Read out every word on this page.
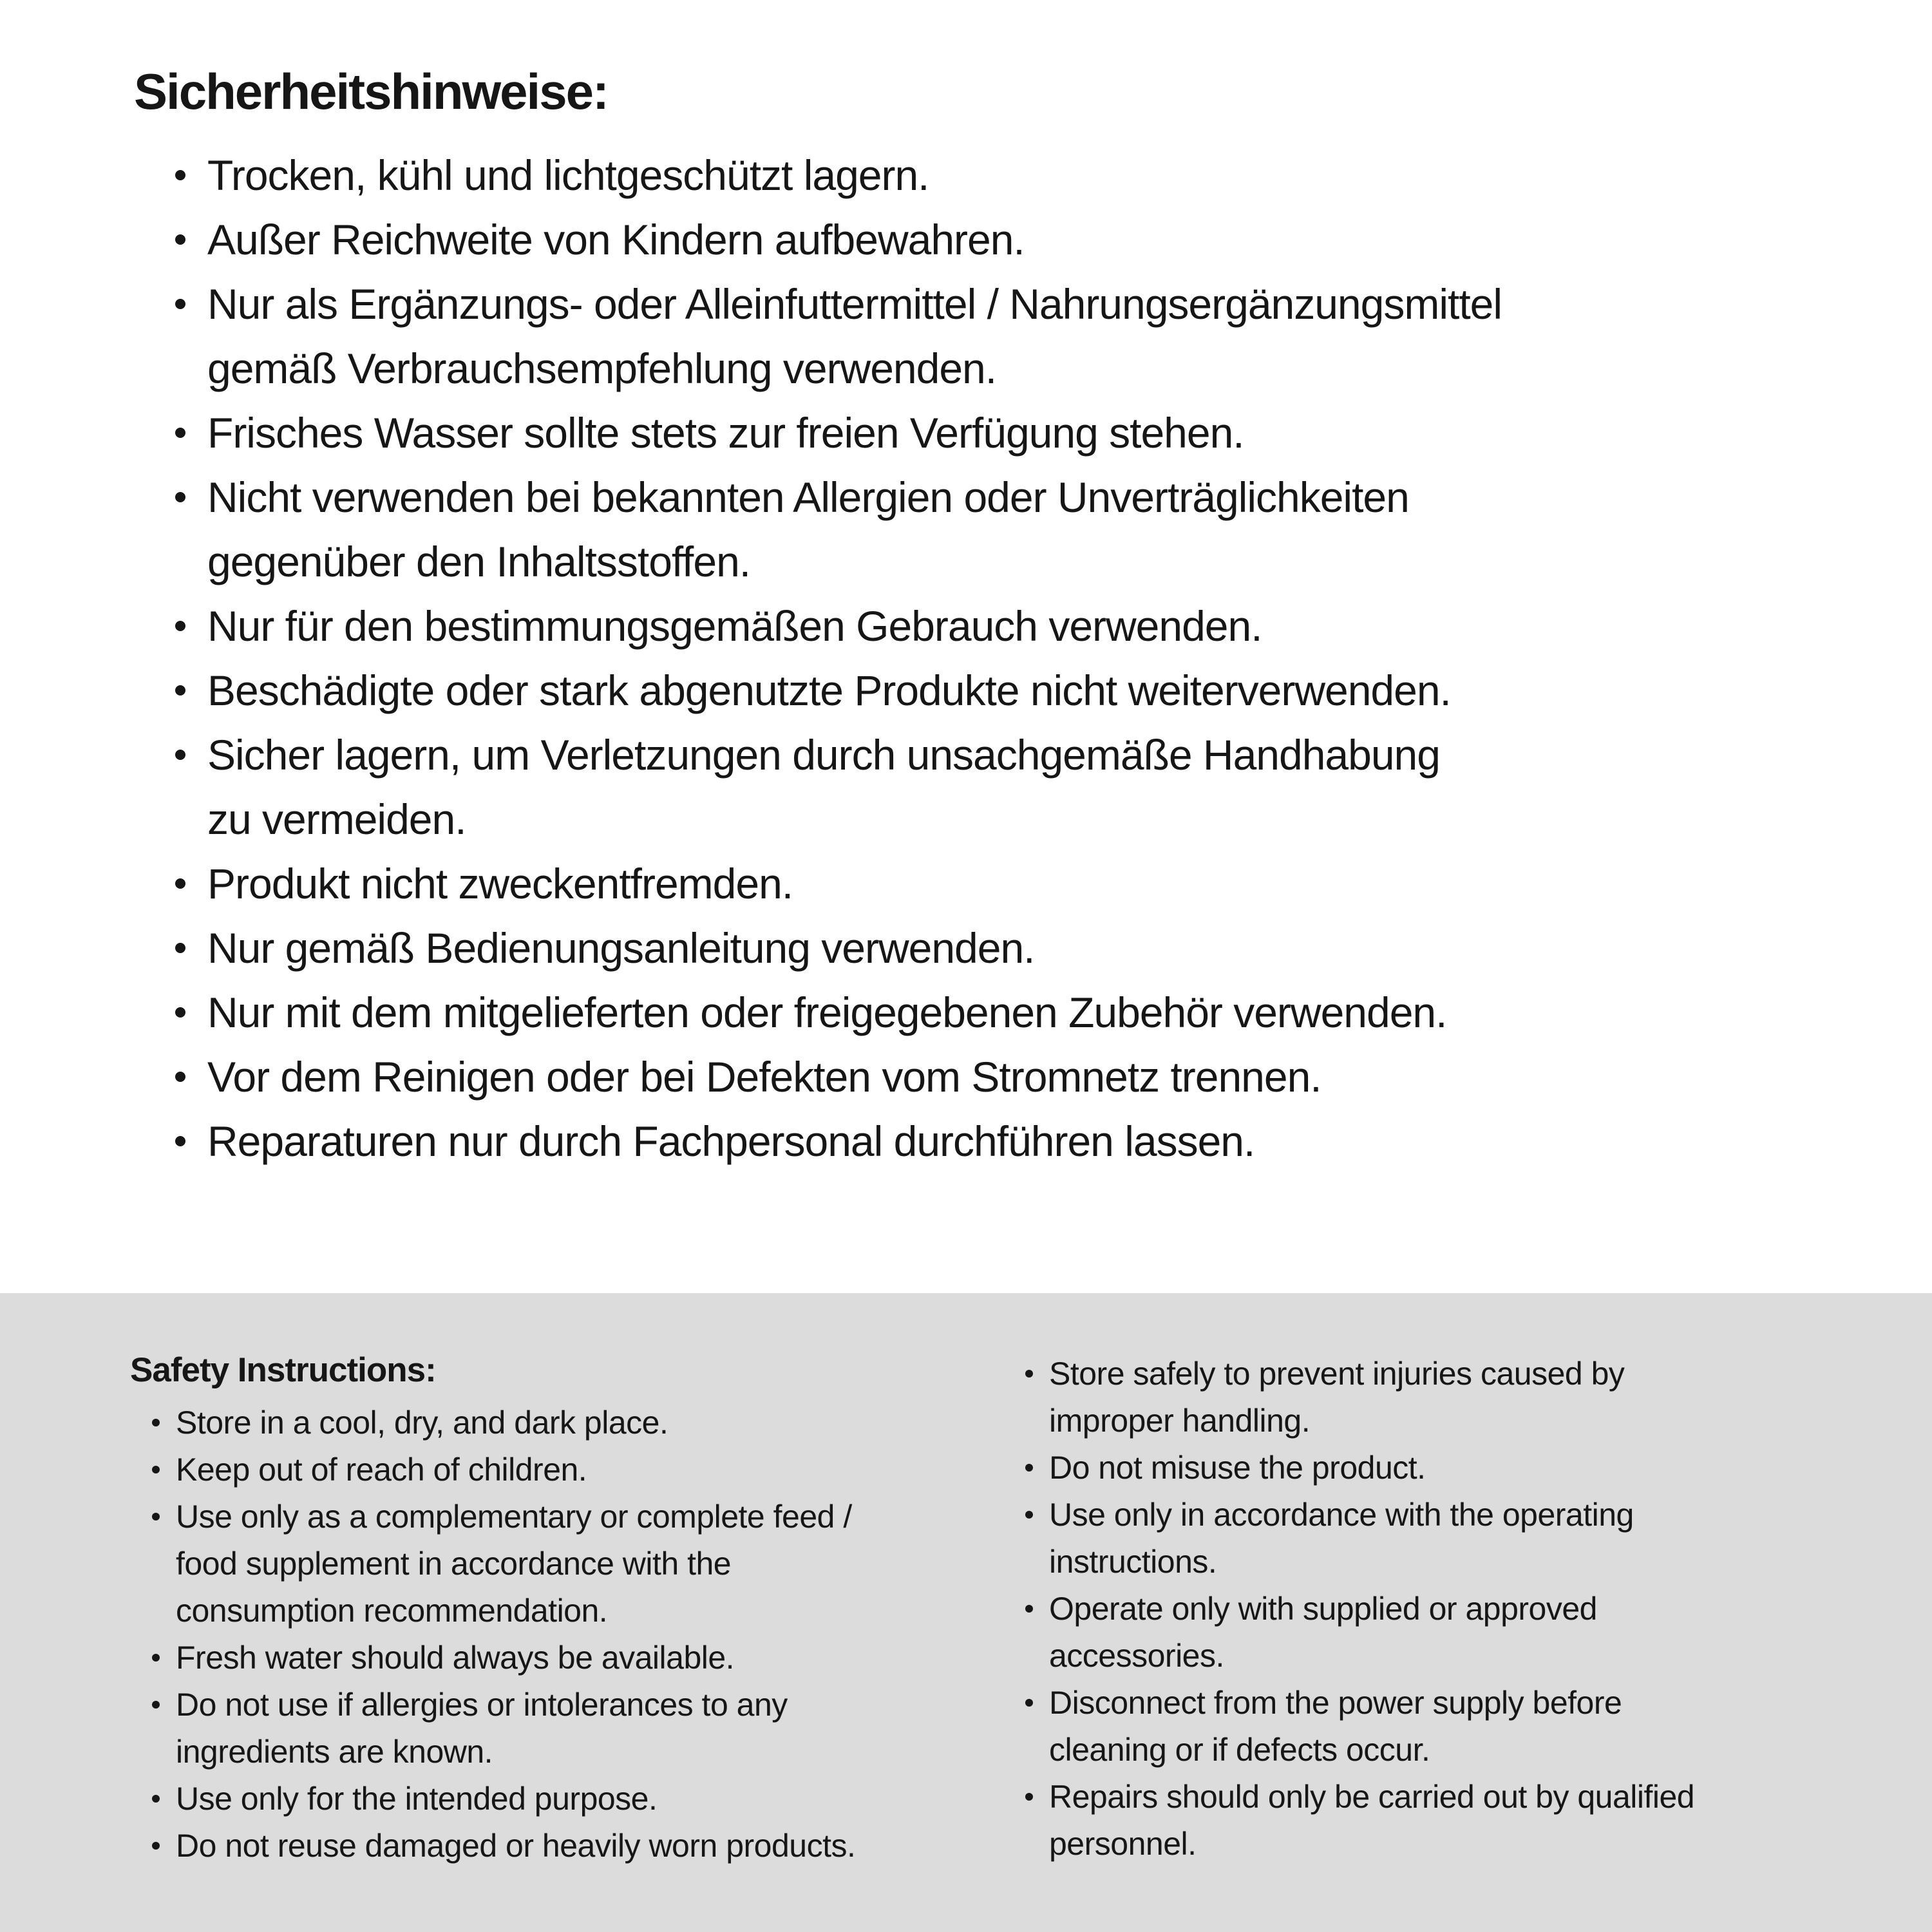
Sicherheitshinweise:
Trocken, kühl und lichtgeschützt lagern.
Außer Reichweite von Kindern aufbewahren.
Nur als Ergänzungs- oder Alleinfuttermittel / Nahrungsergänzungsmittel
gemäß Verbrauchsempfehlung verwenden.
Frisches Wasser sollte stets zur freien Verfügung stehen.
Nicht verwenden bei bekannten Allergien oder Unverträglichkeiten
gegenüber den Inhaltsstoffen.
Nur für den bestimmungsgemäßen Gebrauch verwenden.
Beschädigte oder stark abgenutzte Produkte nicht weiterverwenden.
Sicher lagern, um Verletzungen durch unsachgemäße Handhabung
zu vermeiden.
Produkt nicht zweckentfremden.
Nur gemäß Bedienungsanleitung verwenden.
Nur mit dem mitgelieferten oder freigegebenen Zubehör verwenden.
Vor dem Reinigen oder bei Defekten vom Stromnetz trennen.
Reparaturen nur durch Fachpersonal durchführen lassen.
Safety Instructions:
Store in a cool, dry, and dark place.
Keep out of reach of children.
Use only as a complementary or complete feed /
food supplement in accordance with the
consumption recommendation.
Fresh water should always be available.
Do not use if allergies or intolerances to any
ingredients are known.
Use only for the intended purpose.
Do not reuse damaged or heavily worn products.
Store safely to prevent injuries caused by
improper handling.
Do not misuse the product.
Use only in accordance with the operating
instructions.
Operate only with supplied or approved
accessories.
Disconnect from the power supply before
cleaning or if defects occur.
Repairs should only be carried out by qualified
personnel.
